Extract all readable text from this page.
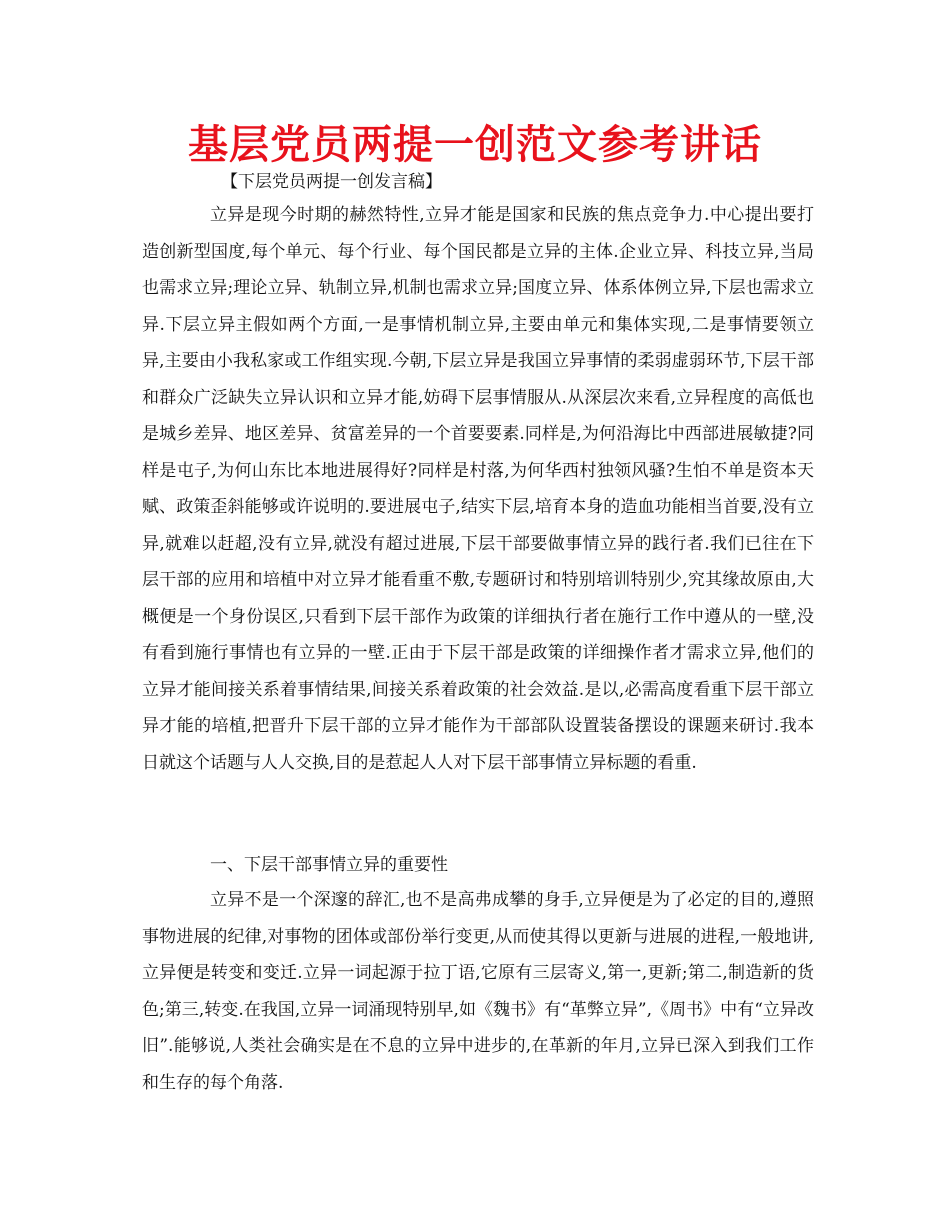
基层党员两提一创范文参考讲话

【下层党员两提一创发言稿】

立异是现今时期的赫然特性,立异才能是国家和民族的焦点竞争力.中心提出要打造创新型国度,每个单元、每个行业、每个国民都是立异的主体.企业立异、科技立异,当局也需求立异;理论立异、轨制立异,机制也需求立异;国度立异、体系体例立异,下层也需求立异.下层立异主假如两个方面,一是事情机制立异,主要由单元和集体实现,二是事情要领立异,主要由小我私家或工作组实现.今朝,下层立异是我国立异事情的柔弱虚弱环节,下层干部和群众广泛缺失立异认识和立异才能,妨碍下层事情服从.从深层次来看,立异程度的高低也是城乡差异、地区差异、贫富差异的一个首要要素.同样是,为何沿海比中西部进展敏捷?同样是屯子,为何山东比本地进展得好?同样是村落,为何华西村独领风骚?生怕不单是资本天赋、政策歪斜能够或许说明的.要进展屯子,结实下层,培育本身的造血功能相当首要,没有立异,就难以赶超,没有立异,就没有超过进展,下层干部要做事情立异的践行者.我们已往在下层干部的应用和培植中对立异才能看重不敷,专题研讨和特别培训特别少,究其缘故原由,大概便是一个身份误区,只看到下层干部作为政策的详细执行者在施行工作中遵从的一壁,没有看到施行事情也有立异的一壁.正由于下层干部是政策的详细操作者才需求立异,他们的立异才能间接关系着事情结果,间接关系着政策的社会效益.是以,必需高度看重下层干部立异才能的培植,把晋升下层干部的立异才能作为干部部队设置装备摆设的课题来研讨.我本日就这个话题与人人交换,目的是惹起人人对下层干部事情立异标题的看重.

一、下层干部事情立异的重要性

立异不是一个深邃的辞汇,也不是高弗成攀的身手,立异便是为了必定的目的,遵照事物进展的纪律,对事物的团体或部份举行变更,从而使其得以更新与进展的进程,一般地讲,立异便是转变和变迁.立异一词起源于拉丁语,它原有三层寄义,第一,更新;第二,制造新的货色;第三,转变.在我国,立异一词涌现特别早,如《魏书》有“革弊立异”,《周书》中有“立异改旧”.能够说,人类社会确实是在不息的立异中进步的,在革新的年月,立异已深入到我们工作和生存的每个角落.
